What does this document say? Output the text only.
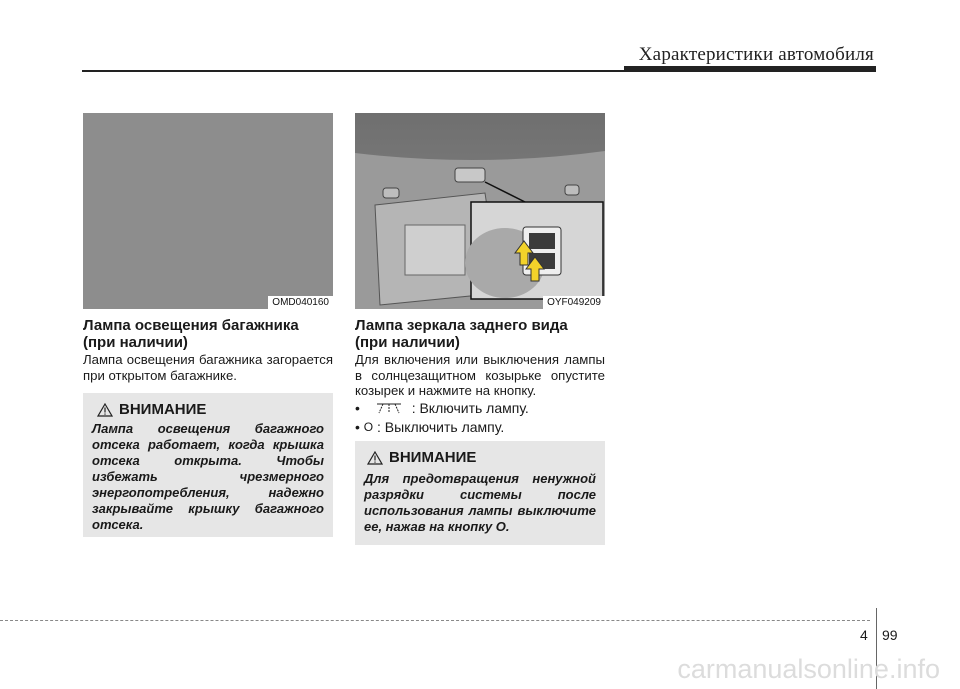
Характеристики автомобиля
OMD040160
Лампа освещения багажника
(при наличии)
Лампа освещения багажника загорается при открытом багажнике.
ВНИМАНИЕ
Лампа освещения багажного отсека работает, когда крышка отсека открыта. Чтобы избежать чрезмерного энергопотребления, надежно закрывайте крышку багажного отсека.
OYF049209
Лампа зеркала заднего вида
(при наличии)
Для включения или выключения лампы в солнцезащитном козырьке опустите козырек и нажмите на кнопку.
•	: Включить лампу.
• O
: Выключить лампу.
ВНИМАНИЕ
Для предотвращения ненужной разрядки системы после использования лампы выключите ее, нажав на кнопку O.
4 99
carmanualsonline.info
